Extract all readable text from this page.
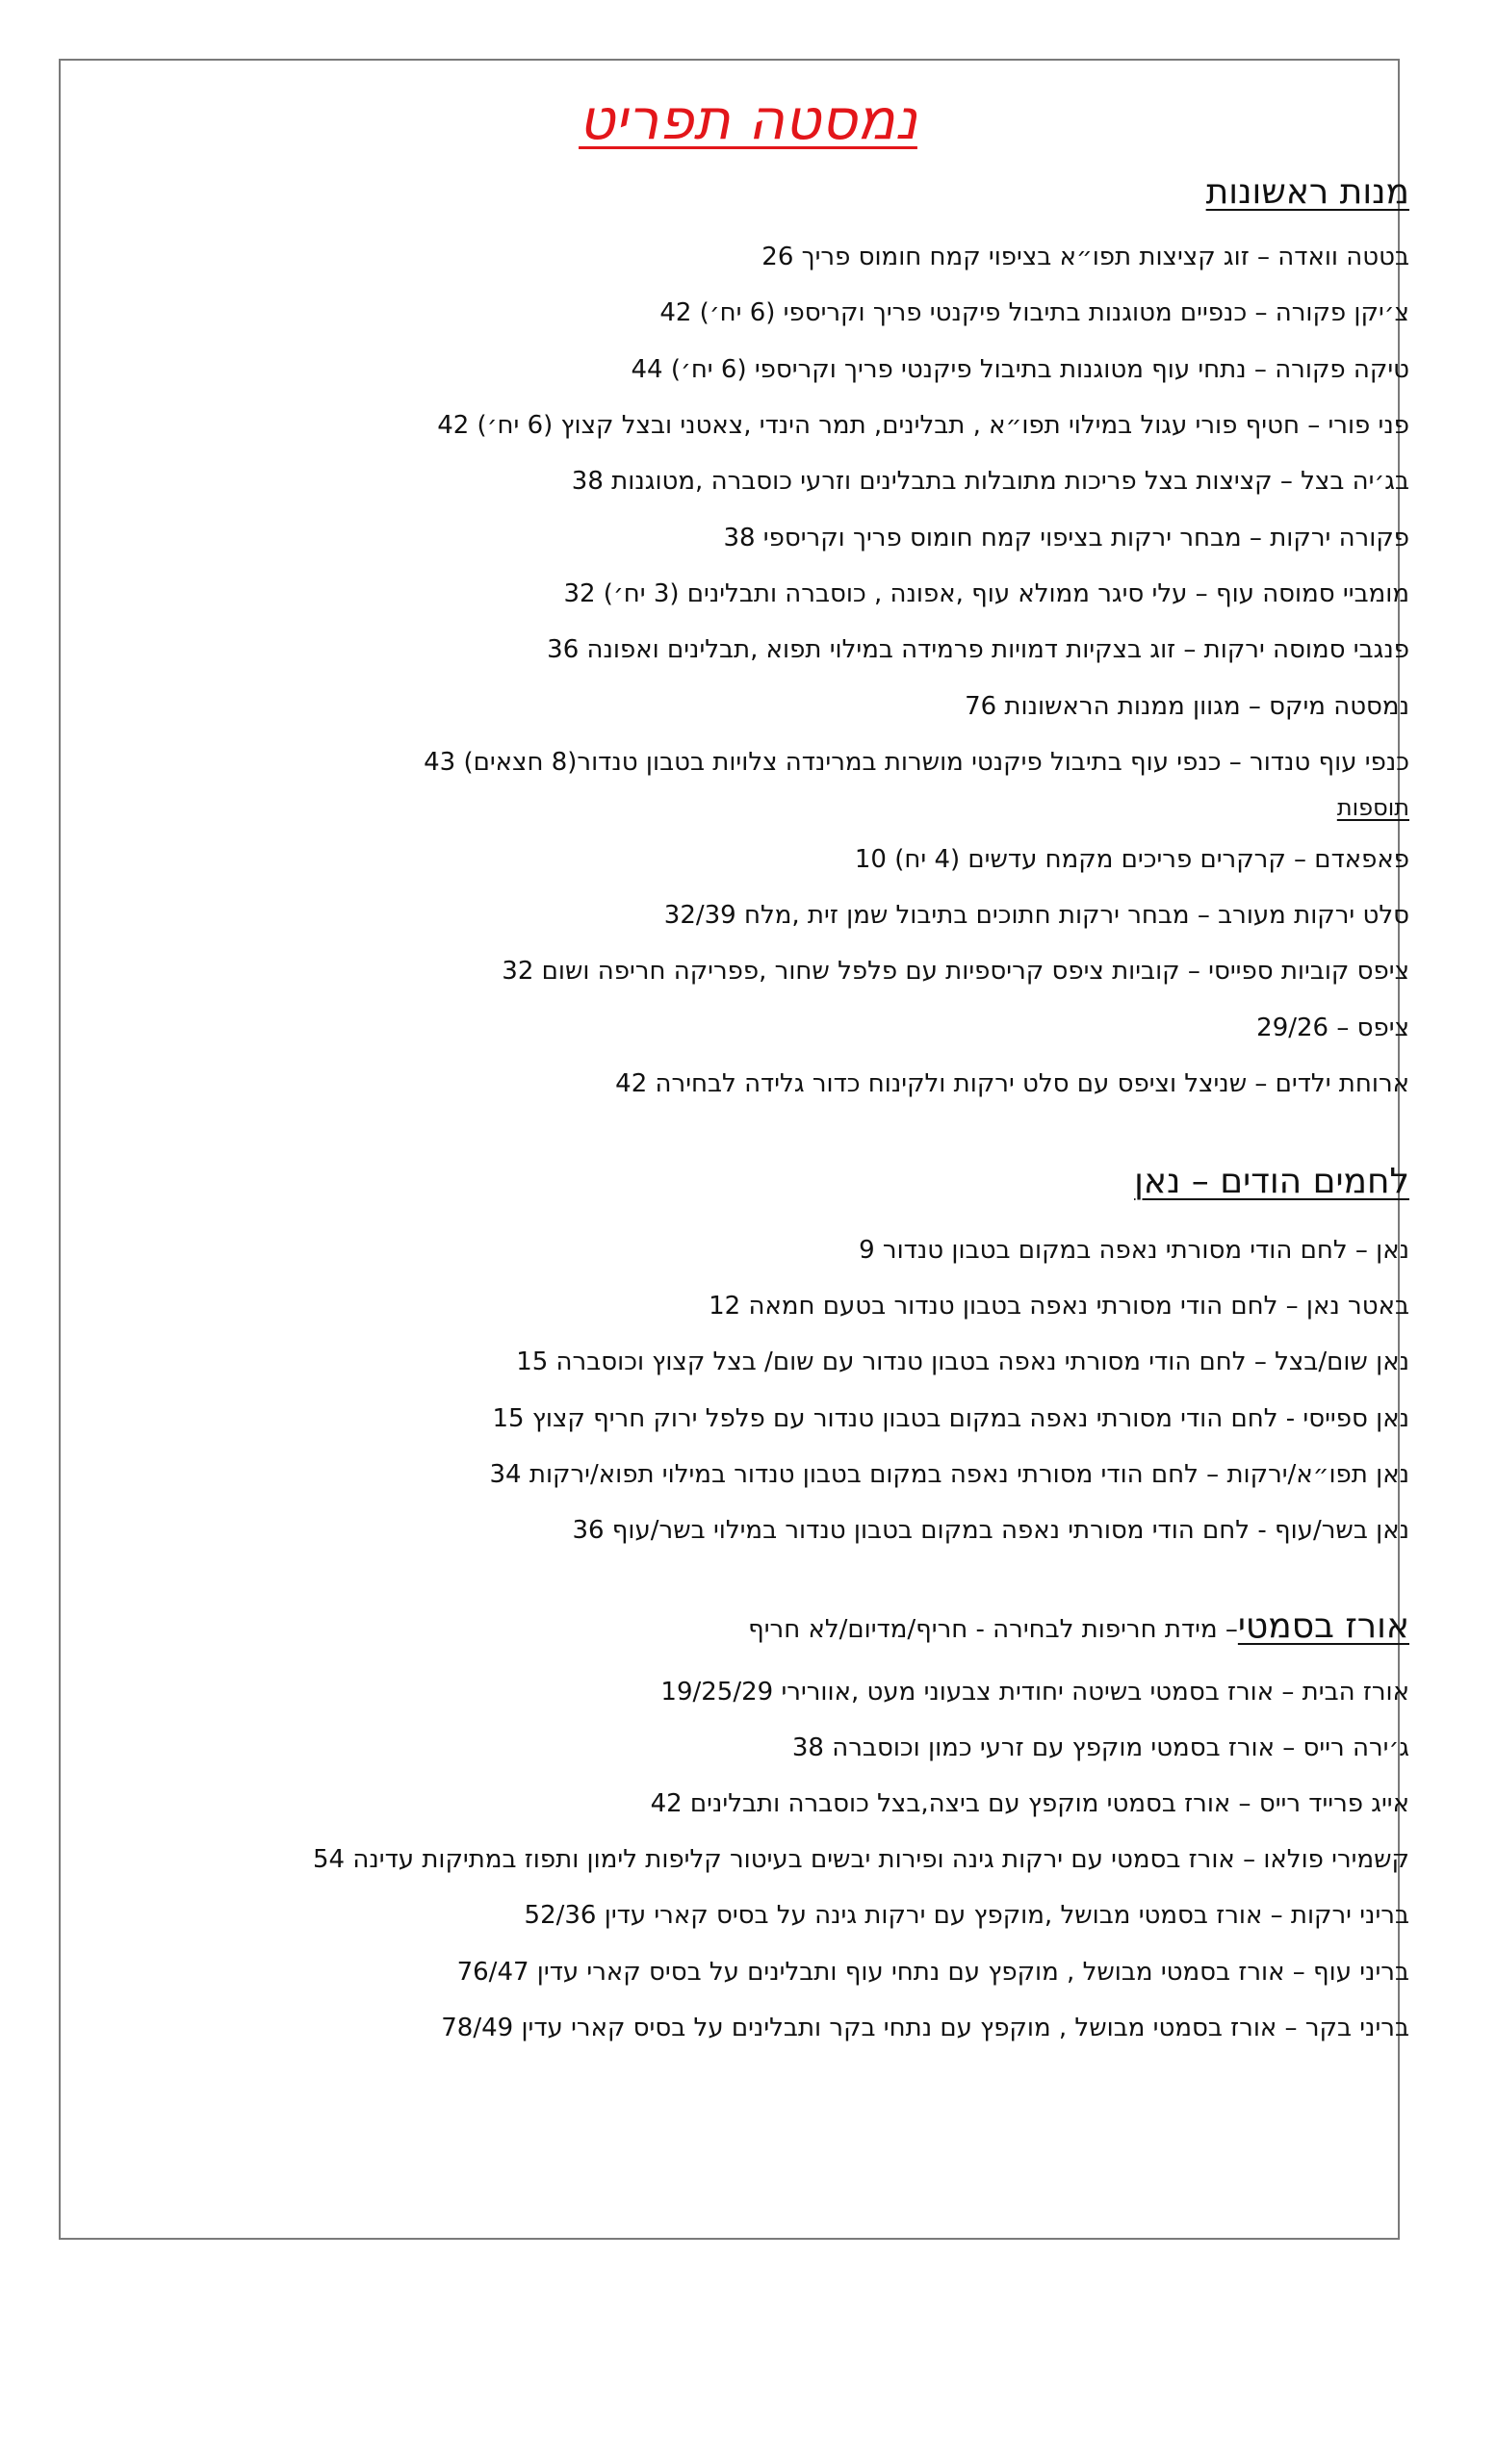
נמסטה תפריט
מנות ראשונות
בטטה וואדה – זוג קציצות תפו״א בציפוי קמח חומוס פריך 26
צ׳יקן פקורה – כנפיים מטוגנות בתיבול פיקנטי פריך וקריספי (6 יח׳) 42
טיקה פקורה – נתחי עוף מטוגנות בתיבול פיקנטי פריך וקריספי (6 יח׳) 44
פני פורי – חטיף פורי עגול במילוי תפו״א , תבלינים, תמר הינדי ,צאטני ובצל קצוץ (6 יח׳) 42
בג׳יה בצל – קציצות בצל פריכות מתובלות בתבלינים וזרעי כוסברה ,מטוגנות 38
פקורה ירקות – מבחר ירקות בציפוי קמח חומוס פריך וקריספי 38
מומביי סמוסה עוף – עלי סיגר ממולא עוף ,אפונה , כוסברה ותבלינים (3 יח׳) 32
פנגבי סמוסה ירקות – זוג בצקיות דמויות פרמידה במילוי תפוא ,תבלינים ואפונה 36
נמסטה מיקס – מגוון ממנות הראשונות 76
כנפי עוף טנדור – כנפי עוף בתיבול פיקנטי מושרות במרינדה צלויות בטבון טנדור(8 חצאים) 43
תוספות
פאפאדם – קרקרים פריכים מקמח עדשים (4 יח) 10
סלט ירקות מעורב – מבחר ירקות חתוכים בתיבול שמן זית ,מלח 32/39
ציפס קוביות ספייסי – קוביות ציפס קריספיות עם פלפל שחור ,פפריקה חריפה ושום 32
ציפס – 29/26
ארוחת ילדים – שניצל וציפס עם סלט ירקות ולקינוח כדור גלידה לבחירה 42
לחמים הודים – נאן
נאן – לחם הודי מסורתי נאפה במקום בטבון טנדור 9
באטר נאן – לחם הודי מסורתי נאפה בטבון טנדור בטעם חמאה 12
נאן שום/בצל – לחם הודי מסורתי נאפה בטבון טנדור עם שום/ בצל קצוץ וכוסברה 15
נאן ספייסי - לחם הודי מסורתי נאפה במקום בטבון טנדור עם פלפל ירוק חריף קצוץ 15
נאן תפו״א/ירקות – לחם הודי מסורתי נאפה במקום בטבון טנדור במילוי תפוא/ירקות 34
נאן בשר/עוף - לחם הודי מסורתי נאפה במקום בטבון טנדור במילוי בשר/עוף 36
אורז בסמטי– מידת חריפות לבחירה - חריף/מדיום/לא חריף
אורז הבית – אורז בסמטי בשיטה יחודית צבעוני מעט ,אוורירי 19/25/29
ג׳ירה רייס – אורז בסמטי מוקפץ עם זרעי כמון וכוסברה 38
אייג פרייד רייס – אורז בסמטי מוקפץ עם ביצה,בצל כוסברה ותבלינים 42
קשמירי פולאו – אורז בסמטי עם ירקות גינה ופירות יבשים בעיטור קליפות לימון ותפוז במתיקות עדינה 54
בריני ירקות – אורז בסמטי מבושל ,מוקפץ עם ירקות גינה על בסיס קארי עדין 52/36
בריני עוף – אורז בסמטי מבושל , מוקפץ עם נתחי עוף ותבלינים על בסיס קארי עדין 76/47
בריני בקר – אורז בסמטי מבושל , מוקפץ עם נתחי בקר ותבלינים על בסיס קארי עדין 78/49
